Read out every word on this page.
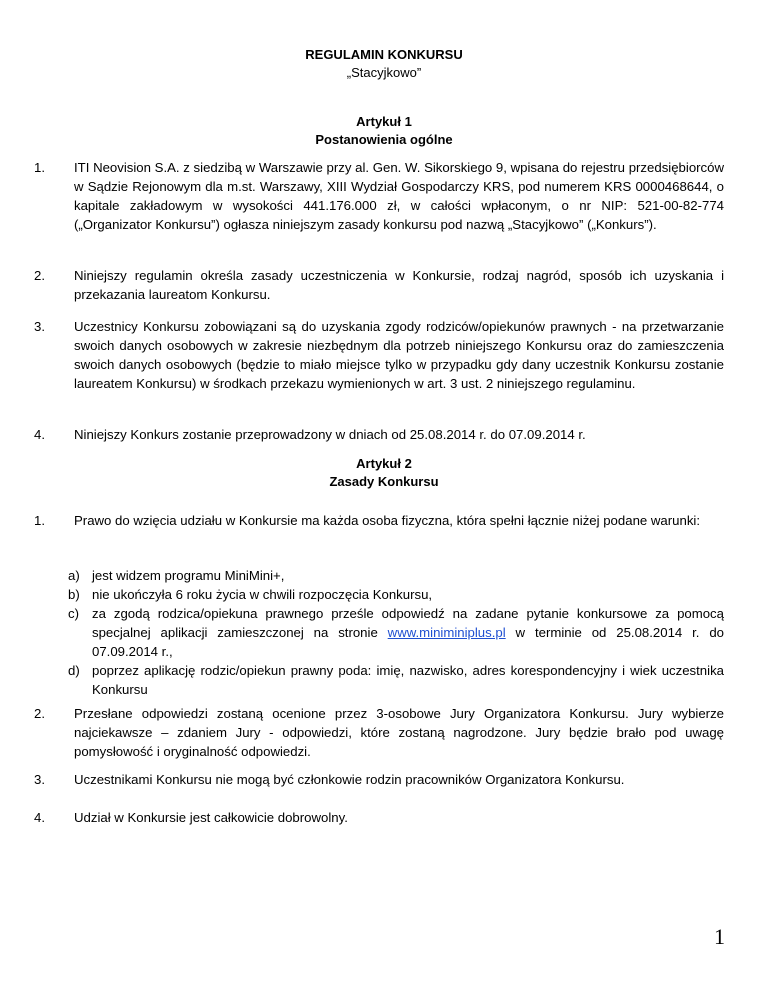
REGULAMIN KONKURSU
„Stacyjkowo”
Artykuł 1
Postanowienia ogólne
1.	ITI Neovision S.A. z siedzibą w Warszawie przy al. Gen. W. Sikorskiego 9, wpisana do rejestru przedsiębiorców w Sądzie Rejonowym dla m.st. Warszawy, XIII Wydział Gospodarczy KRS, pod numerem KRS 0000468644, o kapitale zakładowym w wysokości 441.176.000 zł, w całości wpłaconym, o nr NIP: 521-00-82-774 („Organizator Konkursu”) ogłasza niniejszym zasady konkursu pod nazwą „Stacyjkowo” („Konkurs”).
2.	Niniejszy regulamin określa zasady uczestniczenia w Konkursie, rodzaj nagród, sposób ich uzyskania i przekazania laureatom Konkursu.
3.	Uczestnicy Konkursu zobowiązani są do uzyskania zgody rodziców/opiekunów prawnych - na przetwarzanie swoich danych osobowych w zakresie niezbędnym dla potrzeb niniejszego Konkursu oraz do zamieszczenia swoich danych osobowych (będzie to miało miejsce tylko w przypadku gdy dany uczestnik Konkursu zostanie laureatem Konkursu) w środkach przekazu wymienionych w art. 3 ust. 2 niniejszego regulaminu.
4.	Niniejszy Konkurs zostanie przeprowadzony w dniach od 25.08.2014 r. do 07.09.2014 r.
Artykuł 2
Zasady Konkursu
1.	Prawo do wzięcia udziału w Konkursie ma każda osoba fizyczna, która spełni łącznie niżej podane warunki:
a) jest widzem programu MiniMini+,
b) nie ukończyła 6 roku życia w chwili rozpoczęcia Konkursu,
c) za zgodą rodzica/opiekuna prawnego prześle odpowiedź na zadane pytanie konkursowe za pomocą specjalnej aplikacji zamieszczonej na stronie www.miniminiplus.pl w terminie od 25.08.2014 r. do 07.09.2014 r.,
d) poprzez aplikację rodzic/opiekun prawny poda: imię, nazwisko, adres korespondencyjny i wiek uczestnika Konkursu
2.	Przesłane odpowiedzi zostaną ocenione przez 3-osobowe Jury Organizatora Konkursu. Jury wybierze najciekawsze – zdaniem Jury - odpowiedzi, które zostaną nagrodzone. Jury będzie brało pod uwagę pomysłowość i oryginalność odpowiedzi.
3.	Uczestnikami Konkursu nie mogą być członkowie rodzin pracowników Organizatora Konkursu.
4.	Udział w Konkursie jest całkowicie dobrowolny.
1
